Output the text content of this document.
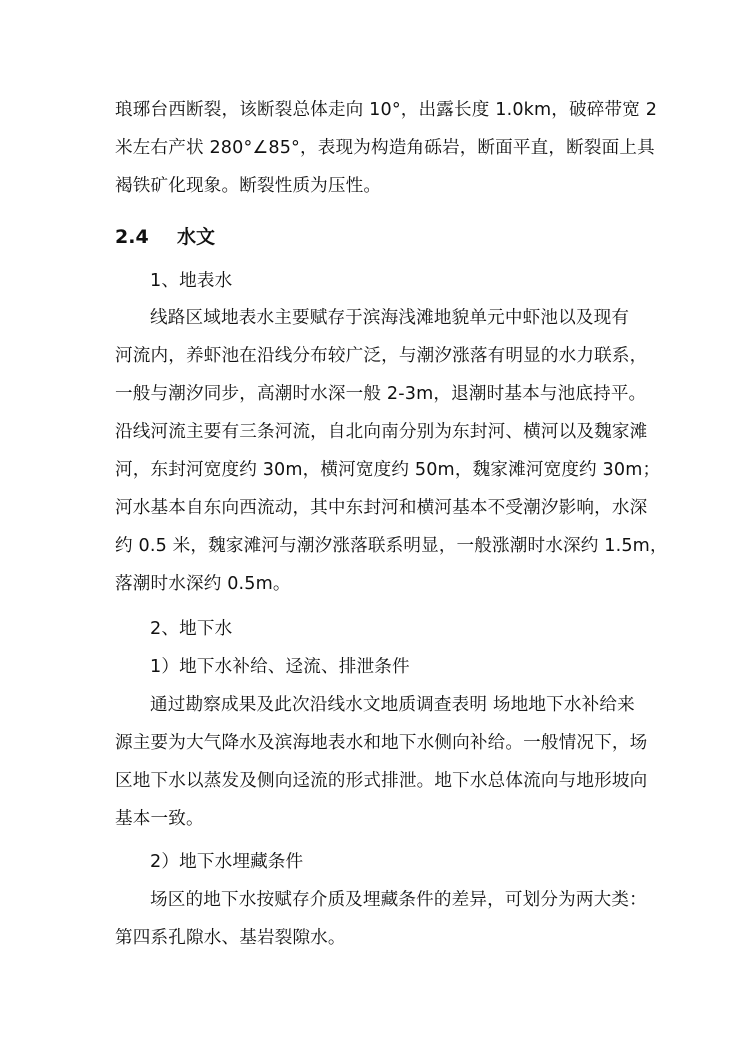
琅琊台西断裂，该断裂总体走向 10°，出露长度 1.0km，破碎带宽 2
米左右产状 280°∠85°，表现为构造角砾岩，断面平直，断裂面上具
褐铁矿化现象。断裂性质为压性。
2.4 水文
1、地表水
线路区域地表水主要赋存于滨海浅滩地貌单元中虾池以及现有
河流内，养虾池在沿线分布较广泛，与潮汐涨落有明显的水力联系，
一般与潮汐同步，高潮时水深一般 2-3m，退潮时基本与池底持平。
沿线河流主要有三条河流，自北向南分别为东封河、横河以及魏家滩
河，东封河宽度约 30m，横河宽度约 50m，魏家滩河宽度约 30m；
河水基本自东向西流动，其中东封河和横河基本不受潮汐影响，水深
约 0.5 米，魏家滩河与潮汐涨落联系明显，一般涨潮时水深约 1.5m，
落潮时水深约 0.5m。
2、地下水
1）地下水补给、迳流、排泄条件
通过勘察成果及此次沿线水文地质调查表明 场地地下水补给来
源主要为大气降水及滨海地表水和地下水侧向补给。一般情况下，场
区地下水以蒸发及侧向迳流的形式排泄。地下水总体流向与地形坡向
基本一致。
2）地下水埋藏条件
场区的地下水按赋存介质及埋藏条件的差异，可划分为两大类：
第四系孔隙水、基岩裂隙水。
